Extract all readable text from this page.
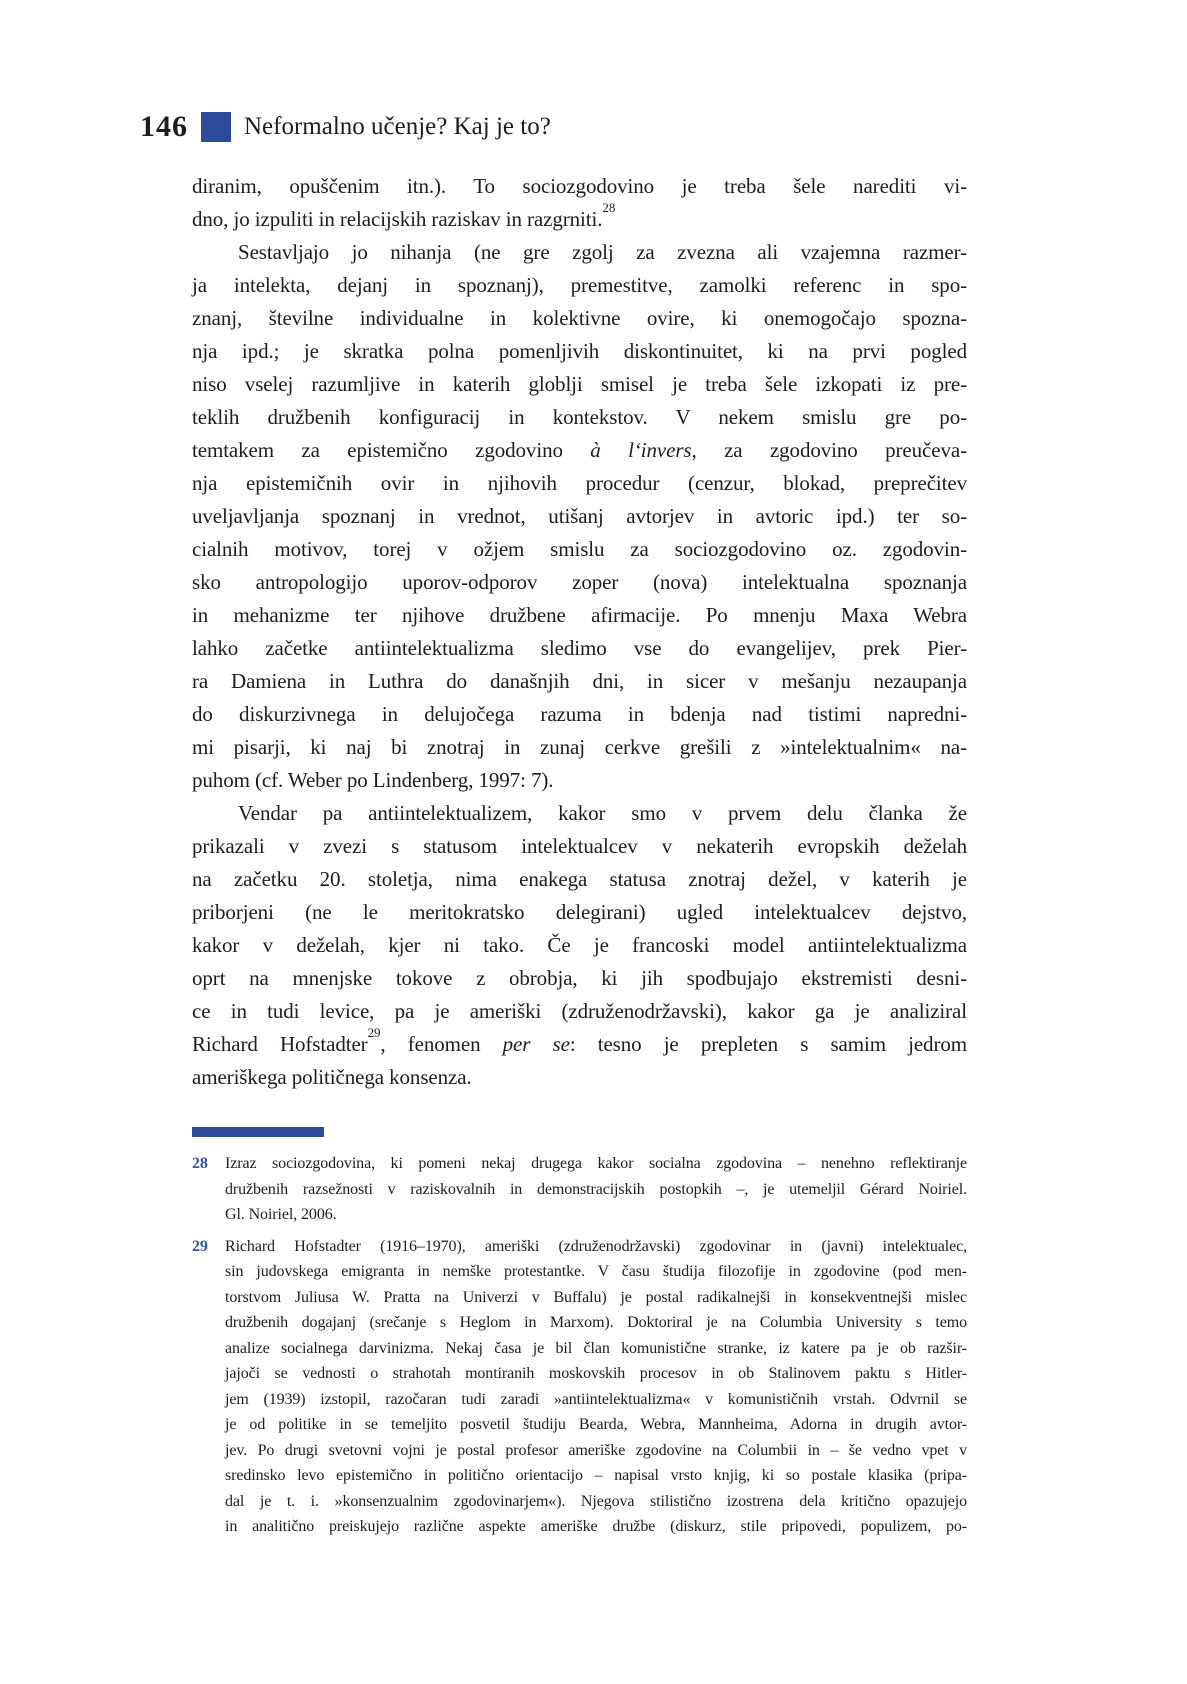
146 Neformalno učenje? Kaj je to?

diranim, opuščenim itn.). To sociozgodovino je treba šele narediti vi-
dno, jo izpuliti in relacijskih raziskav in razgrniti.$^{28}$

Sestavljajo jo nihanja (ne gre zgolj za zvezna ali vzajemna razmer-
ja intelekta, dejanj in spoznanj), premestitve, zamolki referenc in spo-
znanj, številne individualne in kolektivne ovire, ki onemogočajo spozna-
nja ipd.; je skratka polna pomenljivih diskontinuitet, ki na prvi pogled
niso vselej razumljive in katerih globlji smisel je treba šele izkopati iz pre-
teklih družbenih konfiguracij in kontekstov. V nekem smislu gre po-
temtakem za epistemično zgodovino à l‘invers, za zgodovino preučeva-
nja epistemičnih ovir in njihovih procedur (cenzur, blokad, preprečitev
uveljavljanja spoznanj in vrednot, utišanj avtorjev in avtoric ipd.) ter so-
cialnih motivov, torej v ožjem smislu za sociozgodovino oz. zgodovin-
sko antropologijo uporov-odporov zoper (nova) intelektualna spoznanja
in mehanizme ter njihove družbene afirmacije. Po mnenju Maxa Webra
lahko začetke antiintelektualizma sledimo vse do evangelijev, prek Pier-
ra Damiena in Luthra do današnjih dni, in sicer v mešanju nezaupanja
do diskurzivnega in delujočega razuma in bdenja nad tistimi napredni-
mi pisarji, ki naj bi znotraj in zunaj cerkve grešili z »intelektualnim« na-
puhom (cf. Weber po Lindenberg, 1997: 7).

Vendar pa antiintelektualizem, kakor smo v prvem delu članka že
prikazali v zvezi s statusom intelektualcev v nekaterih evropskih deželah
na začetku 20. stoletja, nima enakega statusa znotraj dežel, v katerih je
priborjeni (ne le meritokratsko delegirani) ugled intelektualcev dejstvo,
kakor v deželah, kjer ni tako. Če je francoski model antiintelektualizma
oprt na mnenjske tokove z obrobja, ki jih spodbujajo ekstremisti desni-
ce in tudi levice, pa je ameriški (združenodržavski), kakor ga je analiziral
Richard Hofstadter$^{29}$, fenomen per se: tesno je prepleten s samim jedrom
ameriškega političnega konsenza.

28	Izraz sociozgodovina, ki pomeni nekaj drugega kakor socialna zgodovina – nenehno reflektiranje
družbenih razsežnosti v raziskovalnih in demonstracijskih postopkih –, je utemeljil Gérard Noiriel.
Gl. Noiriel, 2006.
29	Richard Hofstadter (1916–1970), ameriški (združenodržavski) zgodovinar in (javni) intelektualec,
sin judovskega emigranta in nemške protestantke. V času študija filozofije in zgodovine (pod men-
torstvom Juliusa W. Pratta na Univerzi v Buffalu) je postal radikalnejši in konsekventnejši mislec
družbenih dogajanj (srečanje s Heglom in Marxom). Doktoriral je na Columbia University s temo
analize socialnega darvinizma. Nekaj časa je bil član komunistične stranke, iz katere pa je ob razšir-
jajoči se vednosti o strahotah montiranih moskovskih procesov in ob Stalinovem paktu s Hitler-
jem (1939) izstopil, razočaran tudi zaradi »antiintelektualizma« v komunističnih vrstah. Odvrnil se
je od politike in se temeljito posvetil študiju Bearda, Webra, Mannheima, Adorna in drugih avtor-
jev. Po drugi svetovni vojni je postal profesor ameriške zgodovine na Columbii in – še vedno vpet v
sredinsko levo epistemično in politično orientacijo – napisal vrsto knjig, ki so postale klasika (pripa-
dal je t. i. »konsenzualnim zgodovinarjem«). Njegova stilistično izostrena dela kritično opazujejo
in analitično preiskujejo različne aspekte ameriške družbe (diskurz, stile pripovedi, populizem, po-
